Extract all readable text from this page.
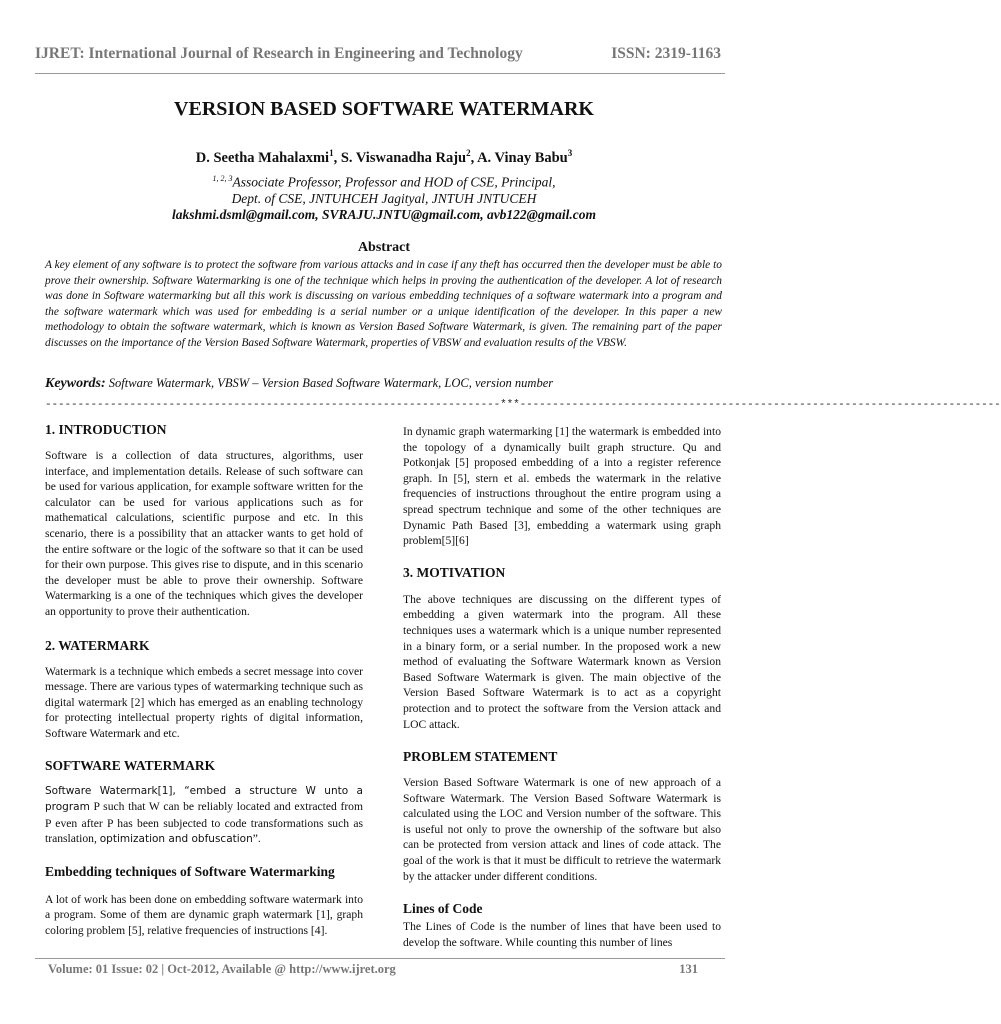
IJRET: International Journal of Research in Engineering and Technology	ISSN: 2319-1163
VERSION BASED SOFTWARE WATERMARK
D. Seetha Mahalaxmi$^1$, S. Viswanadha Raju$^2$, A. Vinay Babu$^3$
$^{1, 2, 3}$Associate Professor, Professor and HOD of CSE, Principal,
Dept. of CSE, JNTUHCEH Jagityal, JNTUH JNTUCEH
lakshmi.dsml@gmail.com, SVRAJU.JNTU@gmail.com, avb122@gmail.com
Abstract

A key element of any software is to protect the software from various attacks and in case if any theft has occurred then the developer must be able to prove their ownership. Software Watermarking is one of the technique which helps in proving the authentication of the developer. A lot of research was done in Software watermarking but all this work is discussing on various embedding techniques of a software watermark into a program and the software watermark which was used for embedding is a serial number or a unique identification of the developer. In this paper a new methodology to obtain the software watermark, which is known as Version Based Software Watermark, is given. The remaining part of the paper discusses on the importance of the Version Based Software Watermark, properties of VBSW and evaluation results of the VBSW.

Keywords: Software Watermark, VBSW – Version Based Software Watermark, LOC, version number
----------------------------------------------------------------------***--------------------------------------------------------------------------
1. INTRODUCTION

Software is a collection of data structures, algorithms, user interface, and implementation details. Release of such software can be used for various application, for example software written for the calculator can be used for various applications such as for mathematical calculations, scientific purpose and etc. In this scenario, there is a possibility that an attacker wants to get hold of the entire software or the logic of the software so that it can be used for their own purpose. This gives rise to dispute, and in this scenario the developer must be able to prove their ownership. Software Watermarking is a one of the techniques which gives the developer an opportunity to prove their authentication.

2. WATERMARK

Watermark is a technique which embeds a secret message into cover message. There are various types of watermarking technique such as digital watermark [2] which has emerged as an enabling technology for protecting intellectual property rights of digital information, Software Watermark and etc.

SOFTWARE WATERMARK

Software Watermark[1], “embed a structure W unto a program P such that W can be reliably located and extracted from P even after P has been subjected to code transformations such as translation, optimization and obfuscation”.

Embedding techniques of Software Watermarking

A lot of work has been done on embedding software watermark into a program. Some of them are dynamic graph watermark [1], graph coloring problem [5], relative frequencies of instructions [4].

In dynamic graph watermarking [1] the watermark is embedded into the topology of a dynamically built graph structure. Qu and Potkonjak [5] proposed embedding of a into a register reference graph. In [5], stern et al. embeds the watermark in the relative frequencies of instructions throughout the entire program using a spread spectrum technique and some of the other techniques are Dynamic Path Based [3], embedding a watermark using graph problem[5][6]

3. MOTIVATION

The above techniques are discussing on the different types of embedding a given watermark into the program. All these techniques uses a watermark which is a unique number represented in a binary form, or a serial number. In the proposed work a new method of evaluating the Software Watermark known as Version Based Software Watermark is given. The main objective of the Version Based Software Watermark is to act as a copyright protection and to protect the software from the Version attack and LOC attack.

PROBLEM STATEMENT

Version Based Software Watermark is one of new approach of a Software Watermark. The Version Based Software Watermark is calculated using the LOC and Version number of the software. This is useful not only to prove the ownership of the software but also can be protected from version attack and lines of code attack. The goal of the work is that it must be difficult to retrieve the watermark by the attacker under different conditions.

Lines of Code

The Lines of Code is the number of lines that have been used to develop the software. While counting this number of lines

Volume: 01 Issue: 02 | Oct-2012, Available @ http://www.ijret.org	131
